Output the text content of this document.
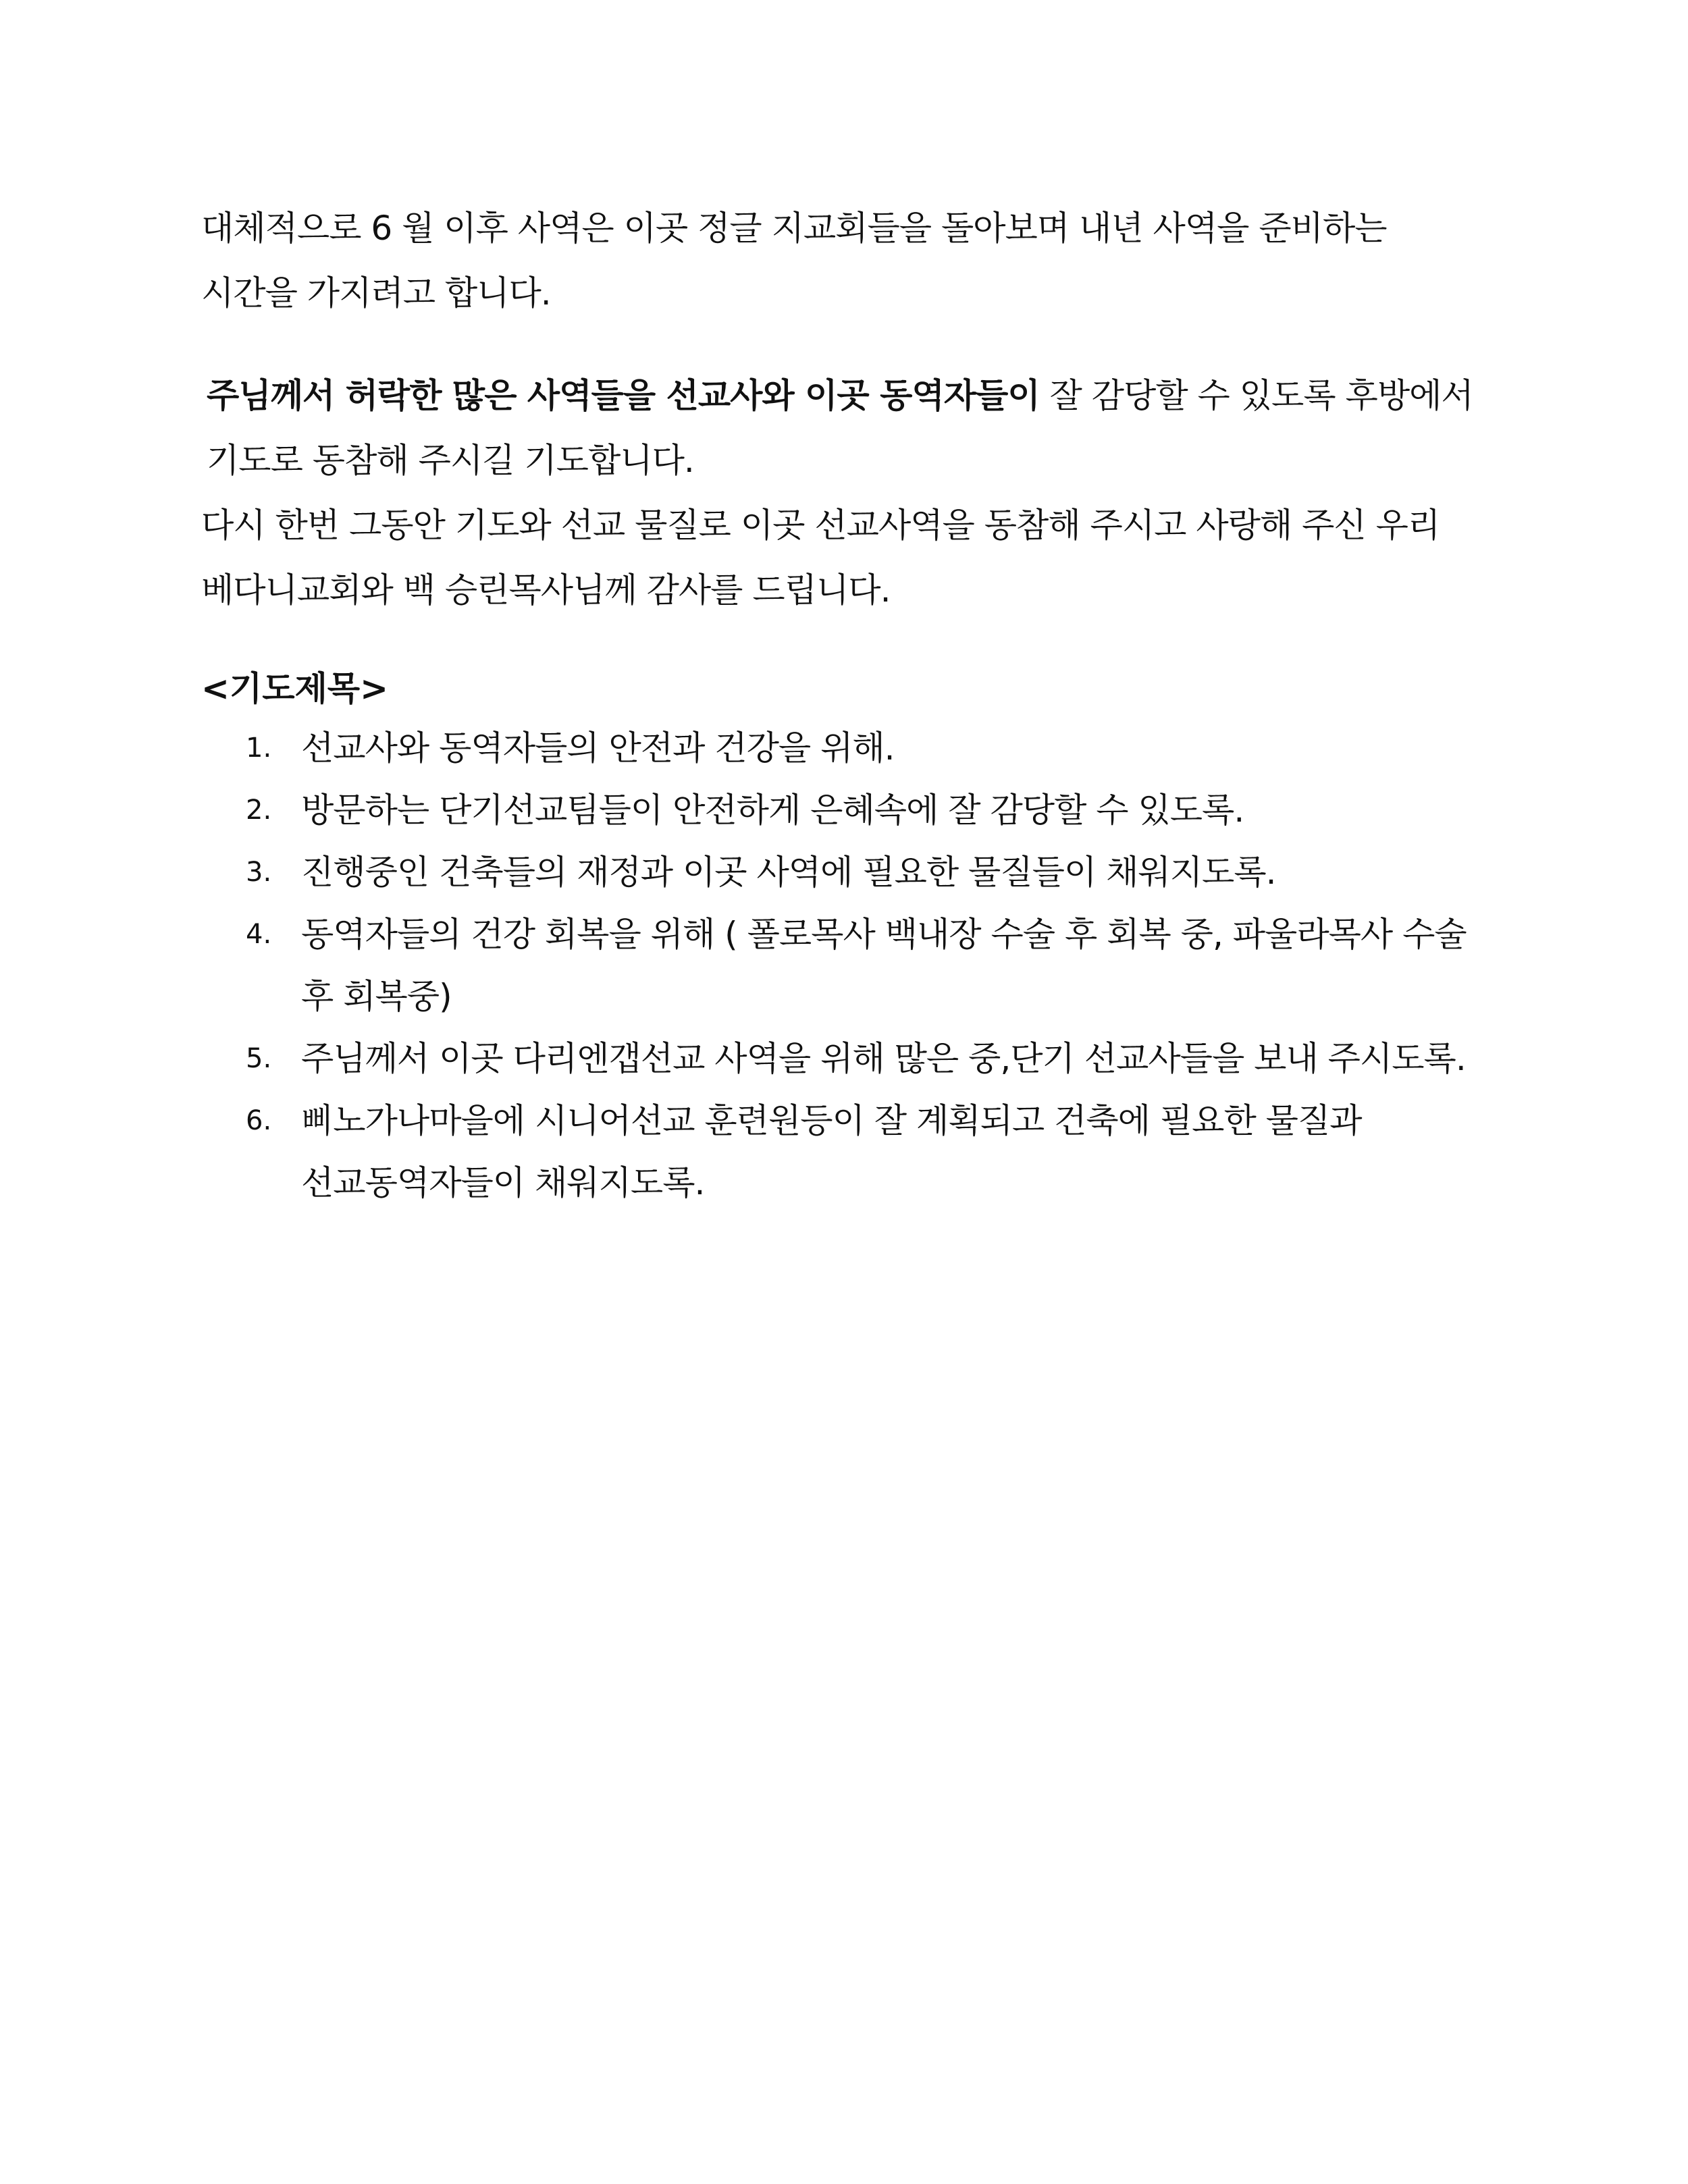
대체적으로 6 월 이후 사역은 이곳 정글 지교회들을 돌아보며 내년 사역을 준비하는
시간을 가지려고 합니다.

주님께서 허락한 많은 사역들을 선교사와 이곳 동역자들이 잘 감당할 수 있도록 후방에서
기도로 동참해 주시길 기도합니다.

다시 한번 그동안 기도와 선교 물질로 이곳 선교사역을 동참해 주시고 사랑해 주신 우리
베다니교회와 백 승린목사님께 감사를 드립니다.

<기도제목>
1. 선교사와 동역자들의 안전과 건강을 위해.
2. 방문하는 단기선교팀들이 안전하게 은혜속에 잘 감당할 수 있도록.
3. 진행중인 건축들의 재정과 이곳 사역에 필요한 물질들이 채워지도록.
4. 동역자들의 건강 회복을 위해 ( 폴로목사 백내장 수술 후 회복 중, 파울라목사 수술
후 회복중)
5. 주님께서 이곳 다리엔갭선교 사역을 위해 많은 중,단기 선교사들을 보내 주시도록.
6. 삐노가나마을에 시니어선교 훈련원등이 잘 계획되고 건축에 필요한 물질과
선교동역자들이 채워지도록.
